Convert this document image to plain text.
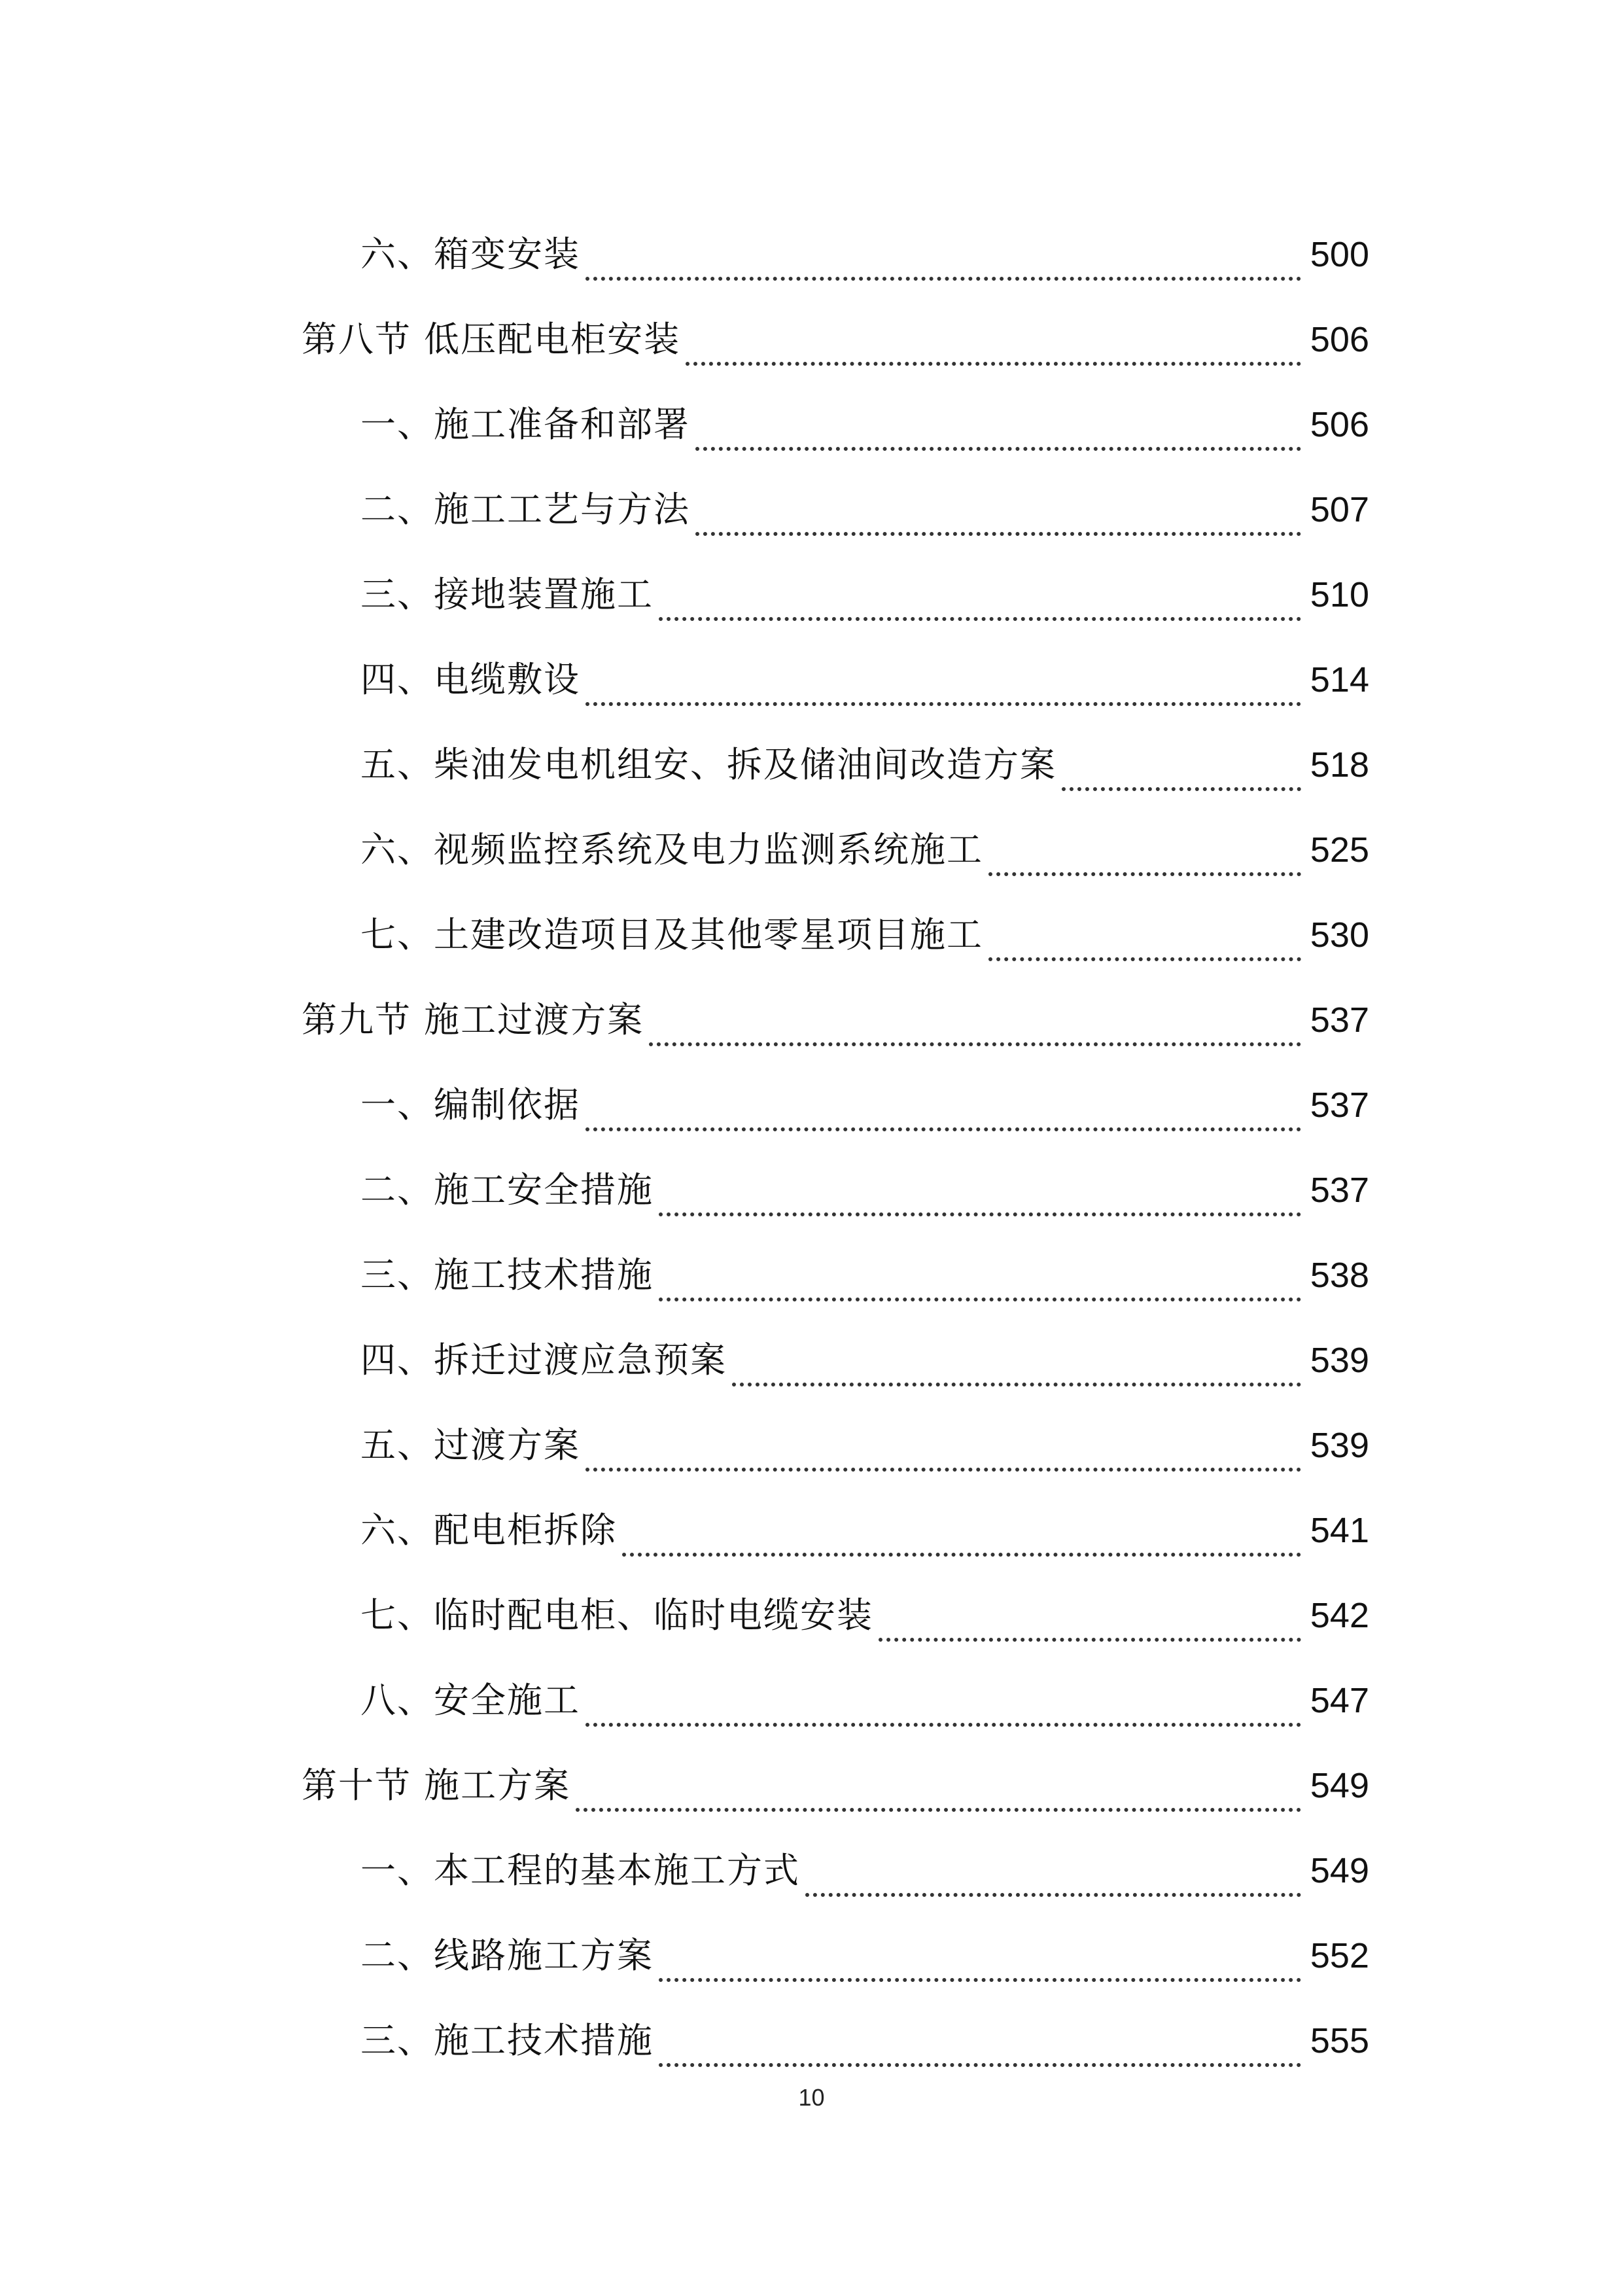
六、箱变安装	500
第八节 低压配电柜安装	506
一、施工准备和部署	506
二、施工工艺与方法	507
三、接地装置施工	510
四、电缆敷设	514
五、柴油发电机组安、拆及储油间改造方案	518
六、视频监控系统及电力监测系统施工	525
七、土建改造项目及其他零星项目施工	530
第九节 施工过渡方案	537
一、编制依据	537
二、施工安全措施	537
三、施工技术措施	538
四、拆迁过渡应急预案	539
五、过渡方案	539
六、配电柜拆除	541
七、临时配电柜、临时电缆安装	542
八、安全施工	547
第十节 施工方案	549
一、本工程的基本施工方式	549
二、线路施工方案	552
三、施工技术措施	555
10
